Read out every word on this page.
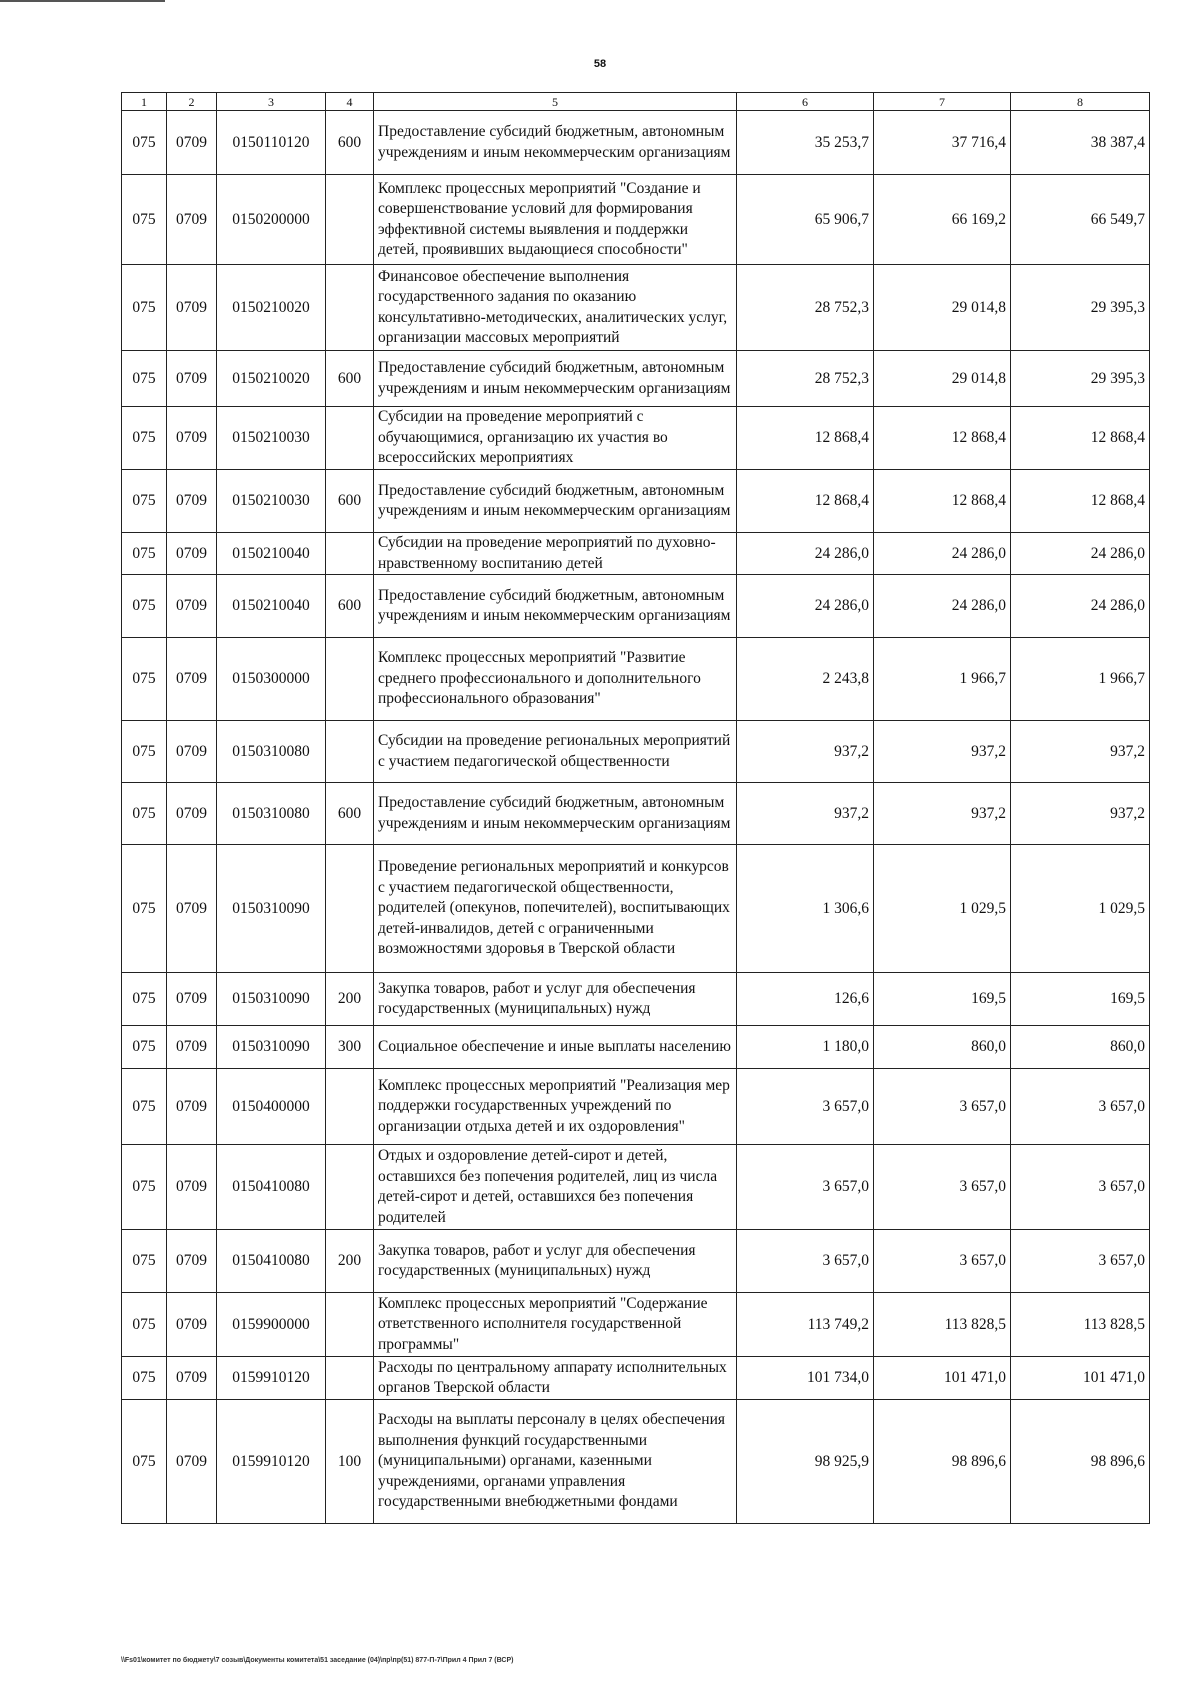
58
1	2	3	4	5	6	7	8
075	0709	0150110120	600	Предоставление субсидий бюджетным, автономным учреждениям и иным некоммерческим организациям	35 253,7	37 716,4	38 387,4
075	0709	0150200000		Комплекс процессных мероприятий "Создание и совершенствование условий для формирования эффективной системы выявления и поддержки детей, проявивших выдающиеся способности"	65 906,7	66 169,2	66 549,7
075	0709	0150210020		Финансовое обеспечение выполнения государственного задания по оказанию консультативно-методических, аналитических услуг, организации массовых мероприятий	28 752,3	29 014,8	29 395,3
075	0709	0150210020	600	Предоставление субсидий бюджетным, автономным учреждениям и иным некоммерческим организациям	28 752,3	29 014,8	29 395,3
075	0709	0150210030		Субсидии на проведение мероприятий с обучающимися, организацию их участия во всероссийских мероприятиях	12 868,4	12 868,4	12 868,4
075	0709	0150210030	600	Предоставление субсидий бюджетным, автономным учреждениям и иным некоммерческим организациям	12 868,4	12 868,4	12 868,4
075	0709	0150210040		Субсидии на проведение мероприятий по духовно-нравственному воспитанию детей	24 286,0	24 286,0	24 286,0
075	0709	0150210040	600	Предоставление субсидий бюджетным, автономным учреждениям и иным некоммерческим организациям	24 286,0	24 286,0	24 286,0
075	0709	0150300000		Комплекс процессных мероприятий "Развитие среднего профессионального и дополнительного профессионального образования"	2 243,8	1 966,7	1 966,7
075	0709	0150310080		Субсидии на проведение региональных мероприятий с участием педагогической общественности	937,2	937,2	937,2
075	0709	0150310080	600	Предоставление субсидий бюджетным, автономным учреждениям и иным некоммерческим организациям	937,2	937,2	937,2
075	0709	0150310090		Проведение региональных мероприятий и конкурсов с участием педагогической общественности, родителей (опекунов, попечителей), воспитывающих детей-инвалидов, детей с ограниченными возможностями здоровья в Тверской области	1 306,6	1 029,5	1 029,5
075	0709	0150310090	200	Закупка товаров, работ и услуг для обеспечения государственных (муниципальных) нужд	126,6	169,5	169,5
075	0709	0150310090	300	Социальное обеспечение и иные выплаты населению	1 180,0	860,0	860,0
075	0709	0150400000		Комплекс процессных мероприятий "Реализация мер поддержки государственных учреждений по организации отдыха детей и их оздоровления"	3 657,0	3 657,0	3 657,0
075	0709	0150410080		Отдых и оздоровление детей-сирот и детей, оставшихся без попечения родителей, лиц из числа детей-сирот и детей, оставшихся без попечения родителей	3 657,0	3 657,0	3 657,0
075	0709	0150410080	200	Закупка товаров, работ и услуг для обеспечения государственных (муниципальных) нужд	3 657,0	3 657,0	3 657,0
075	0709	0159900000		Комплекс процессных мероприятий "Содержание ответственного исполнителя государственной программы"	113 749,2	113 828,5	113 828,5
075	0709	0159910120		Расходы по центральному аппарату исполнительных органов Тверской области	101 734,0	101 471,0	101 471,0
075	0709	0159910120	100	Расходы на выплаты персоналу в целях обеспечения выполнения функций государственными (муниципальными) органами, казенными учреждениями, органами управления государственными внебюджетными фондами	98 925,9	98 896,6	98 896,6
\\Fs01\комитет по бюджету\7 созыв\Документы комитета\51 заседание (04)\пр\пр(51) 877-П-7\Прил 4 Прил 7 (ВСР)
